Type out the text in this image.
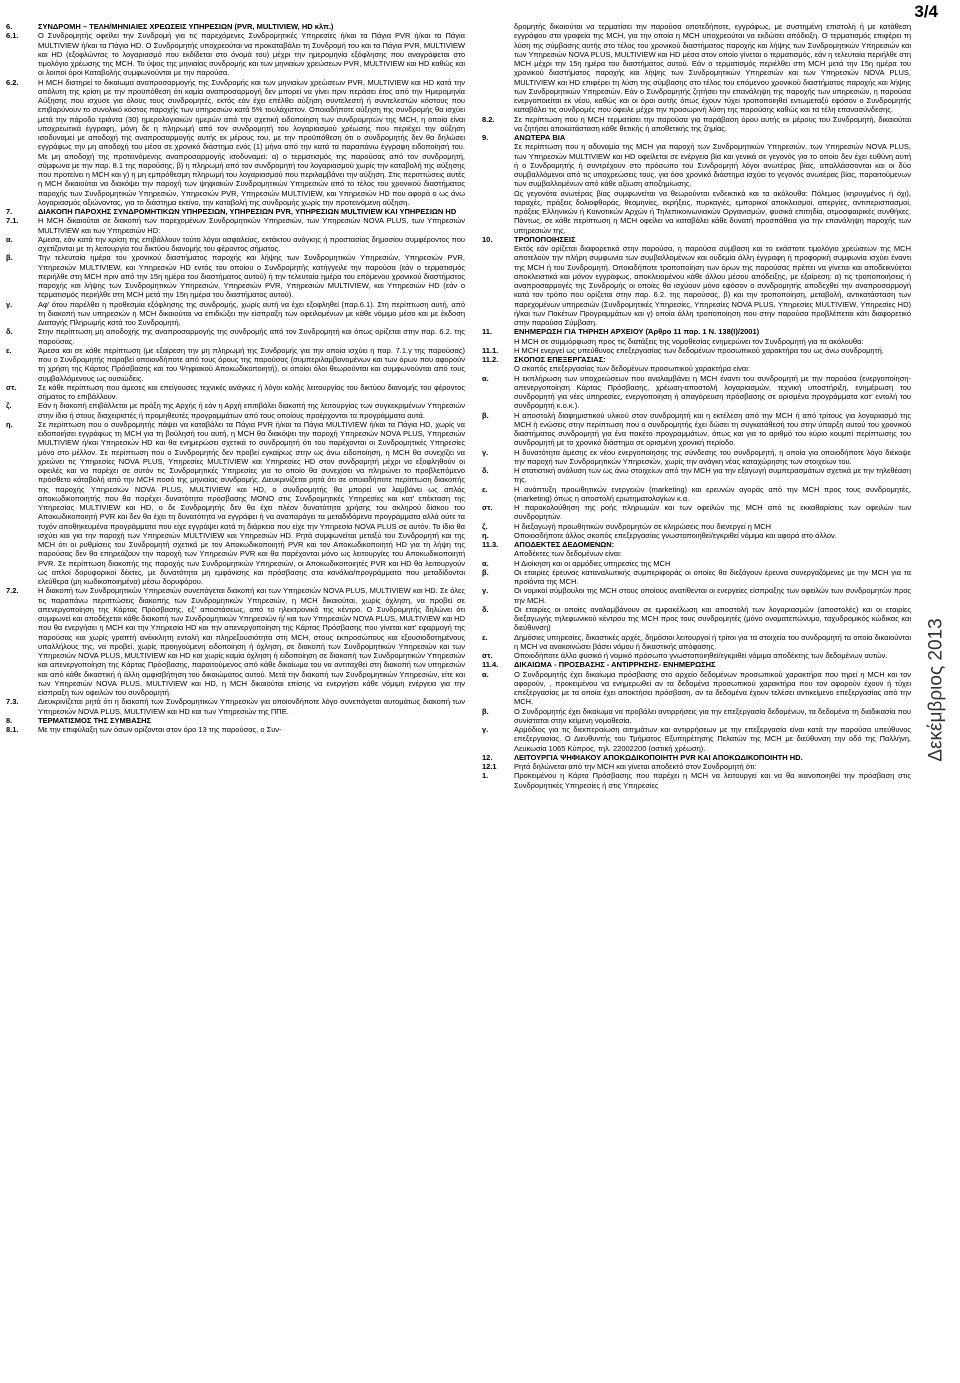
3/4
6.	ΣΥΝΔΡΟΜΗ – ΤΕΛΗ/ΜΗΝΙΑΙΕΣ ΧΡΕΩΣΕΙΣ ΥΠΗΡΕΣΙΩΝ (PVR, MULTIVIEW, HD κλπ.)
6.1.	Ο Συνδρομητής οφείλει την Συνδρομή για τις παρεχόμενες Συνδρομητικές Υπηρεσίες ή/και τα Πάγια PVR ή/και τα Πάγια MULTIVIEW ή/και τα Πάγια HD. Ο Συνδρομητής υποχρεούται να προκαταβάλει τη Συνδρομή του και τα Πάγια PVR, MULTIVIEW και HD (εξοφλώντας το λογαριασμό που εκδίδεται στο όνομά του) μέχρι την ημερομηνία εξόφλησης που αναγράφεται στο τιμολόγιο χρέωσης της MCH. Το ύψος της μηνιαίας συνδρομής και των μηνιαίων χρεώσεων PVR, MULTIVIEW και HD καθώς και οι λοιποί όροι Καταβολής συμφωνούνται με την παρούσα.
6.2.	Η MCH διατηρεί το δικαίωμα αναπροσαρμογής της Συνδρομής και των μηνιαίων χρεώσεων PVR, MULTIVIEW και HD κατά την απόλυτη της κρίση με την προϋπόθεση ότι καμία αναπροσαρμογή δεν μπορεί να γίνει πριν περάσει έτος από την Ημερομηνία Αύξησης που ισχυσε για όλους τους συνδρομητές, εκτός εάν έχει επέλθει αύξηση συντελεστή ή συντελεστών κόστους που επιβαρύνουν το συνολικό κόστος παροχής των υπηρεσιών κατά 5% τουλάχιστον. Οποιαδήποτε αύξηση της συνδρομής θα ισχύει μετά την πάροδο τριάντα (30) ημερολογιακών ημερών από την σχετική ειδοποίηση των συνδρομητών της MCH, η οποία είναι υποχρεωτικά έγγραφη, μόνη δε η πληρωμή από τον συνδρομητή του λογαριασμού χρέωσης που περιέχει την αύξηση ισοδυναμεί με αποδοχή της αναπροσαρμογής αυτής εκ μέρους του, με την προϋπόθεση ότι ο συνδρομητής δεν θα δηλώσει εγγράφως την μη αποδοχή του μέσα σε χρονικό διάστημα ενός (1) μήνα από την κατά τα παραπάνω έγγραφη ειδοποίησή του. Με μη αποδοχή της προτεινόμενης αναπροσαρμογής ισοδυναμεί: α) ο τερματισμός της παρούσας από τον συνδρομητή, σύμφωνα με την παρ. 8.1 της παρούσης, β) η πληρωμή από τον συνδρομητή του λογαριασμού χωρίς την καταβολή της αύξησης που προτείνει η MCH και γ) η μη εμπρόθεσμη πληρωμή του λογαριασμού που περιλαμβάνει την αύξηση. Στις περιπτώσεις αυτές η MCH δικαιούται να διακόψει την παροχή των ψηφιακών Συνδρομητικών Υπηρεσιών από το τέλος του χρονικού διαστήματος παροχής των Συνδρομητικών Υπηρεσιών, Υπηρεσιών PVR, Υπηρεσιών MULTIVIEW, και Υπηρεσιών HD που αφορά ο ως άνω λογαριασμός αξιώνοντας, για το διάστημα εκείνο, την καταβολή της συνδρομής χωρίς την προτεινόμενη αύξηση.
7.	ΔΙΑΚΟΠΗ ΠΑΡΟΧΗΣ ΣΥΝΔΡΟΜΗΤΙΚΩΝ ΥΠΗΡΕΣΙΩΝ, ΥΠΗΡΕΣΙΩΝ PVR, ΥΠΗΡΕΣΙΩΝ MULTIVIEW ΚΑΙ ΥΠΗΡΕΣΙΩΝ HD
7.1.	Η MCH δικαιούται σε διακοπή των παρεχομένων Συνδρομητικών Υπηρεσιών, των Υπηρεσιών NOVA PLUS, των Υπηρεσιών MULTIVIEW και των Υπηρεσιών HD:
α.	Άμεσα, εάν κατά την κρίση της επιβάλλουν τούτο λόγοι ασφαλείας, εκτάκτου ανάγκης ή προστασίας δημοσίου συμφέροντος που σχετίζονται με τη λειτουργία του δικτύου διανομής του φέροντος σήματος.
β.	Την τελευταία ημέρα του χρονικού διαστήματος παροχής και λήψης των Συνδρομητικών Υπηρεσιών, Υπηρεσιών PVR, Υπηρεσιών MULTIVIEW, και Υπηρεσιών HD εντός του οποίου ο Συνδρομητής κατήγγειλε την παρούσα (εάν ο τερματισμός περιήλθε στη MCH πριν από την 15η ημέρα του διαστήματος αυτού) ή την τελευταία ημέρα του επόμενου χρονικού διαστήματος παροχής και λήψης των Συνδρομητικών Υπηρεσιών, Υπηρεσιών PVR, Υπηρεσιών MULTIVIEW, και Υπηρεσιών HD (εάν ο τερματισμός περιήλθε στη MCH μετά την 15η ημέρα του διαστήματος αυτού).
γ.	Αφ' ότου παρέλθει η προθεσμία εξόφλησης της συνδρομής, χωρίς αυτή να έχει εξοφληθεί (παρ.6.1). Στη περίπτωση αυτή, από τη διακοπή των υπηρεσιών η MCH δικαιούται να επιδιώξει την είσπραξη των οφειλομένων με κάθε νόμιμο μέσο και με έκδοση Διαταγής Πληρωμής κατά του Συνδρομητή.
δ.	Στην περίπτωση μη αποδοχής της αναπροσαρμογής της συνδρομής από τον Συνδρομητή και όπως ορίζεται στην παρ. 6.2. της παρούσας.
ε.	Άμεσα και σε κάθε περίπτωση (με εξαίρεση την μη πληρωμή της Συνδρομής για την οποία ισχύει η παρ. 7.1.γ της παρούσας) που ο Συνδρομητής παραβεί οποιονδήποτε από τους όρους της παρούσας (συμπεριλαμβανομένων και των όρων που αφορούν τη χρήση της Κάρτας Πρόσβασης και του Ψηφιακού Αποκωδικοποιητή), οι οποίοι όλοι θεωρούνται και συμφωνούνται από τους συμβαλλόμενους ως ουσιώδεις.
στ.	Σε κάθε περίπτωση που άμεσες και επείγουσες τεχνικές ανάγκες ή λόγοι καλής λειτουργίας του δικτύου διανομής του φέροντος σήματος το επιβάλλουν.
ζ.	Εάν η διακοπή επιβάλλεται με πράξη της Αρχής ή εάν η Αρχή επιτιβάλει διακοπή της λειτουργίας των συγκεκριμένων Υπηρεσιών στην ίδια ή στους διαχειριστές ή προμηθευτές προγραμμάτων από τους οποίους προέρχονται τα προγράμματα αυτά.
η.	Σε περίπτωση που ο συνδρομητής πάψει να καταβάλει τα Πάγια PVR ή/και τα Πάγια MULTIVIEW ή/και τα Πάγια HD, χωρίς να ειδοποιήσει εγγράφως τη MCH για τη βούλησή του αυτή, η MCH θα διακόψει την παροχή Υπηρεσιών NOVA PLUS, Υπηρεσιών MULTIVIEW ή/και Υπηρεσιών HD και θα ενημερώσει σχετικά το συνδρομητή ότι του παρέχονται οι Συνδρομητικές Υπηρεσίες μόνο στο μέλλον. Σε περίπτωση που ο Συνδρομητής δεν προβεί εγκαίρως στην ως άνω ειδοποίηση, η MCH θα συνεχίζει να χρεώνει τις Υπηρεσίες NOVA PLUS, Υπηρεσίες MULTIVIEW και Υπηρεσίες HD στον συνδρομητή μέχρι να εξοφληθούν οι οφειλές και να παρέχει σε αυτόν τις Συνδρομητικές Υπηρεσίες για το οποίο θα συνεχίσει να πληρώνει το προβλεπόμενο πρόσθετο κάταβολή από την MCH ποσό της μηνιαίας συνδρομής. Διευκρινίζεται ρητά ότι σε οποιαδήποτε περίπτωση διακοπής της παροχής Υπηρεσιών NOVA PLUS, MULTIVIEW και HD, ο συνδρομητής θα μπορεί να λαμβάνει ως απλός αποκωδικοποιητής που θα παρέχει δυνατότητα πρόσβασης ΜΟΝΟ στις Συνδρομητικές Υπηρεσίες και κατ' επέκταση της Υπηρεσίας MULTIVIEW και HD, ο δε Συνδρομητής δεν θα έχει πλέον δυνατότητα χρήσης του σκληρού δίσκου του Αποκωδικοποιητή PVR και δεν θα έχει τη δυνατότητα να εγγράφει ή να αναπαράγει τα μεταδιδόμενα προγράμματα αλλά ούτε τα τυχόν αποθηκευμένα προγράμματα που είχε εγγράψει κατά τη διάρκεια που είχε την Υπηρεσία NOVA PLUS σε αυτόν. Το ίδιο θα ισχύει και για την παροχή των Υπηρεσιών MULTIVIEW και Υπηρεσιών HD. Ρητά συμφωνείται μεταξύ του Συνδρομητή και της MCH ότι οι ρυθμίσεις του Συνδρομητή σχετικά με τον Αποκωδικοποιητή PVR και τον Αποκωδικοποιητή HD για τη λήψη της παρούσας δεν θα επηρεάζουν την παροχή των Υπηρεσιών PVR και θα παρέχονται μόνο ως λειτουργίες του Αποκωδικοποιητή PVR. Σε περίπτωση διακοπής της παροχής των Συνδρομητικών Υπηρεσιών, οι Αποκωδικοποιητές PVR και HD θα λειτουργούν ως απλοί δορυφορικοί δέκτες, με δυνατότητα μη εμφάνισης και πρόσβασης στα κανάλια/προγράμματα που μεταδίδονται ελεύθερα (μη κωδικοποιημένα) μέσω δορυφόρου.
7.2.	Η διακοπή των Συνδρομητικών Υπηρεσιών συνεπάγεται διακοπή και των Υπηρεσιών NOVA PLUS, MULTIVIEW και HD. Σε όλες τις παραπάνω περιπτώσεις διακοπής των Συνδρομητικών Υπηρεσιών, η MCH δικαιούται, χωρίς όχληση, να προβεί σε απενεργοποίηση της Κάρτας Πρόσβασης, εξ' αποστάσεως, από το ηλεκτρονικό της κέντρο. Ο Συνδρομητής δηλώνει ότι συμφωνεί και αποδέχεται κάθε διακοπή των Συνδρομητικών Υπηρεσιών ή/ και των Υπηρεσιών NOVA PLUS, MULTIVIEW και HD που θα ενεργήσει η MCH και την Υπηρεσία HD και την απενεργοποίηση της Κάρτας Πρόσβασης που γίνεται κατ' εφαρμογή της παρούσας και χωρίς γραπτή ανέκκλητη εντολή και πληρεξουσιότητα στη MCH, στους εκπροσώπους και εξουσιοδοτημένους υπαλλήλους της, να προβεί, χωρίς προηγούμενη ειδοποίηση ή όχληση, σε διακοπή των Συνδρομητικών Υπηρεσιών και των Υπηρεσιών NOVA PLUS, MULTIVIEW και HD και χωρίς καμία όχληση ή ειδοποίηση σε διακοπή των Συνδρομητικών Υπηρεσιών και απενεργοποίηση της Κάρτας Πρόσβασης, παραιτούμενος από κάθε δικαίωμα του να αντιταχθεί στη διακοπή των υπηρεσιών και από κάθε δικαστική ή άλλη αμφισβήτηση του δικαιώματος αυτού. Μετά την διακοπή των Συνδρομητικών Υπηρεσιών, είτε και των Υπηρεσιών NOVA PLUS, MULTIVIEW και HD, η MCH δικαιούται επίσης να ενεργήσει κάθε νόμιμη ενέργεια για την είσπραξη των οφειλών του συνδρομητή.
7.3.	Διευκρινίζεται ρητά ότι η διακοπή των Συνδρομητικών Υπηρεσιών για οποιονδήποτε λόγο συνεπάγεται αυτομάτως διακοπή των Υπηρεσιών NOVA PLUS, MULTIVIEW και HD και των Υπηρεσιών της ΠΠΕ.
8.	ΤΕΡΜΑΤΙΣΜΟΣ ΤΗΣ ΣΥΜΒΑΣΗΣ
8.1.	Με την επιφύλαξη των όσων ορίζονται στον όρο 13 της παρούσας, ο Συν-
δρομητής δικαιούται να τερματίσει την παρούσα οποτεδήποτε, εγγράφως, με συστημένη επιστολή ή με κατάθεση εγγράφου στα γραφεία της MCH, για την οποία η MCH υποχρεούται να εκδώσει απόδειξη. Ο τερματισμός επιφέρει τη λύση της σύμβασης αυτής στο τέλος του χρονικού διαστήματος παροχής και λήψης των Συνδρομητικών Υπηρεσιών και των Υπηρεσιών NOVA PLUS, MULTIVIEW και HD μέσα στον οποίο γίνεται ο τερματισμός, εάν η τελευταία περιήλθε στη MCH μέχρι την 15η ημέρα του διαστήματος αυτού. Εάν ο τερματισμός περιέλθει στη MCH μετά την 15η ημέρα του χρονικού διαστήματος παροχής και λήψης των Συνδρομητικών Υπηρεσιών και των Υπηρεσιών NOVA PLUS, MULTIVIEW και HD επιφέρει τη λύση της σύμβασης στο τέλος του επόμενου χρονικού διαστήματος παροχής και λήψης των Συνδρομητικών Υπηρεσιών. Εάν ο Συνδρομητής ζητήσει την επανάληψη της παροχής των υπηρεσιών, η παρούσα ενεργοποιείται εκ νέου, καθώς και οι όροι αυτής όπως έχουν τύχει τροποποιηθεί εντωμεταξύ εφόσον ο Συνδρομητής καταβάλει τις συνδρομές που όφειλε μέχρι την προσωρινή λύση της παρούσης καθώς και τα τέλη επανασύνδεσης.
8.2.	Σε περίπτωση που η MCH τερματίσει την παρούσα για παράβαση όρου αυτής εκ μέρους του Συνδρομητή, δικαιούται να ζητήσει αποκατάσταση κάθε θετικής ή αποθετικής της ζημίας.
9.	ΑΝΩΤΕΡΑ ΒΙΑ
Σε περίπτωση που η αδυναμία της MCH για παροχή των Συνδρομητικών Υπηρεσιών, των Υπηρεσιών NOVA PLUS, των Υπηρεσιών MULTIVIEW και HD οφείλεται σε ενέργεια βία και γενικά σε γεγονός για το οποίο δεν έχει ευθύνη αυτή ή ο Συνδρομητής ή συντρέχουν στο πρόσωπο του Συνδρομητή λόγοι ανωτέρας βίας, απαλλάσσονται και οι δύο συμβαλλόμενοι από τις υποχρεώσεις τους, για όσο χρονικό διάστημα ισχύει το γεγονός ανωτέρας βίας, παραιτούμενων των συμβαλλομένων από κάθε αξίωση αποζημίωσης.
Ως γεγονότα ανωτέρας βίας συμφωνείται να θεωρούνται ενδεικτικά και τα ακόλουθα: Πόλεμος (κηρυγμένος ή όχι), ταραχές, πράξεις δολιοφθοράς, θεομηνίες, εκρήξεις, πυρκαγιές, εμπορικοί αποκλεισμοί, απεργίες, αντιπερισπασμοί, πράξεις Ελληνικών ή Κοινοτικών Αρχών ή Τηλεπικοινωνιακών Οργανισμών, φυσικά επιτηδία, ατμοσφαιρικές συνθήκες. Πάντως, σε κάθε περίπτωση η MCH οφείλει να καταβάλει κάθε δυνατή προσπάθεια για την επανάληψη παροχής των υπηρεσιών της.
10.	ΤΡΟΠΟΠΟΙΗΣΕΙΣ
Εκτός εάν ορίζεται διαφορετικά στην παρούσα, η παρούσα σύμβαση και το εκάστοτε τιμολόγιο χρεώσεων της MCH αποτελούν την πλήρη συμφωνία των συμβαλλομένων και ουδεμία άλλη έγγραφη ή προφορική συμφωνία ισχύει έναντι της MCH ή του Συνδρομητή. Οποιαδήποτε τροποποίηση των όρων της παρούσας πρέπει να γίνεται και αποδεικνύεται αποκλειστικά και μόνον εγγράφως, αποκλειομένου κάθε άλλου μέσου απόδειξης, με εξαίρεση: α) τις τροποποιήσεις ή αναπροσαρμογές της Συνδρομής οι οποίες θα ισχύουν μόνο εφόσον ο συνδρομητής αποδεχθεί την αναπροσαρμογή κατά τον τρόπο που ορίζεται στην παρ. 6.2. της παρούσας, β) και την τροποποίηση, μεταβολή, αντικατάσταση των παρεχομένων υπηρεσιών (Συνδρομητικές Υπηρεσίες, Υπηρεσίες NOVA PLUS, Υπηρεσίες MULTIVIEW, Υπηρεσίες HD) ή/και των Πακέτων Προγραμμάτων και γ) οποία άλλη τροποποίηση που στην παρούσα προβλέπεται κάτι διαφορετικό στην παρούσα Σύμβαση.
11.	ΕΝΗΜΕΡΩΣΗ ΓΙΑ ΤΗΡΗΣΗ ΑΡΧΕΙΟΥ (Άρθρο 11 παρ. 1 Ν. 138(I)/2001)
Η MCH σε συμμόρφωση προς τις διατάξεις της νομοθεσίας ενημερώνει τον Συνδρομητή για τα ακόλουθα:
11.1.	Η MCH ενεργεί ως υπεύθυνος επεξεργασίας των δεδομένων προσωπικού χαρακτήρα του ως άνω συνδρομητή.
11.2.	ΣΚΟΠΟΣ ΕΠΕΞΕΡΓΑΣΙΑΣ:
Ο σκοπός επεξεργασίας των δεδομένων προσωπικού χαρακτήρα είναι:
α.	Η εκπλήρωση των υποχρεώσεων που αναλαμβάνει η MCH έναντι του συνδρομητή με την παρούσα (ενεργοποίηση-απενεργοποίηση Κάρτας Πρόσβασης, χρέωση-αποστολή λογαριασμών, τεχνική υποστήριξη, ενημέρωση του συνδρομητή για νέες υπηρεσίες, ενεργοποίηση ή απαγόρευση πρόσβασης σε ορισμένα προγράμματα κατ' εντολή του συνδρομητή κ.ο.κ.).
β.	Η αποστολή διαφημιστικού υλικού στον συνδρομητή και η εκτέλεση από την MCH ή από τρίτους για λογαριασμό της MCH ή ενώσεις στην περίπτωση που ο συνδρομητής έχει δώσει τη συγκατάθεσή του στην ύπαρξη αυτού του χρονικού διαστήματος συνδρομητή για ένα πακέτο προγραμμάτων, όπως και για το αριθμό του κύριο κουμπί περίπτωσης του συνδρομητή με το χρονικό διάστημα σε ορισμένη χρονική περίοδο.
γ.	Η δυνατότητα άμεσης εκ νέου ενεργοποίησης της σύνδεσης του συνδρομητή, η οποία για οποιοδήποτε λόγο διέκοψε την παροχή των Συνδρομητικών Υπηρεσιών, χωρίς την ανάγκη νέας καταχώρησης των στοιχείων του.
δ.	Η στατιστική ανάλυση των ως άνω στοιχείων από την MCH για την εξαγωγή συμπερασμάτων σχετικά με την τηλεθέαση της.
ε.	Η ανάπτυξη προωθητικών ενεργειών (marketing) και ερευνών αγοράς από την MCH προς τους συνδρομητές, (marketing) όπως η αποστολή ερωτηματολογίων κ.α.
στ.	Η παρακολούθηση της ροής πληρωμών και των οφειλών της MCH από τις εκκαθαρίσεις των οφειλών των συνδρομητών.
ζ.	Η διεξαγωγή προωθητικών συνδρομητών σε κληρώσεις που διενεργεί η MCH
η.	Οποιοσδήποτε άλλος σκοπός επεξεργασίας γνωστοποιηθεί/εγκριθεί νόμιμα και αφορά στο άλλον.
11.3.	ΑΠΟΔΕΚΤΕΣ ΔΕΔΟΜΕΝΩΝ:
Αποδέκτες των δεδομένων είναι:
α.	Η Διοίκηση και οι αρμόδιες υπηρεσίες της MCH
β.	Οι εταιρίες έρευνας καταναλωτικής συμπεριφοράς οι οποίες θα διεξάγουν έρευνα συνεργαζόμενες με την MCH για τα προϊόντα της MCH.
γ.	Οι νομικοί σύμβουλοι της MCH στους οποίους ανατίθενται οι ενεργείες είσπραξης των οφειλών των συνδρομητών προς την MCH.
δ.	Οι εταιρίες οι οποίες αναλαμβάνουν σε εμφακέλωση και αποστολή των λογαριασμών (αποστολές) και οι εταιρίες διεξαγωγής τηλεφωνικού κέντρου της MCH προς τους συνδρομητές (μόνο ονοματεπώνυμο, ταχυδρομικός κώδικας και διεύθυνση)
ε.	Δημόσιες υπηρεσίες, δικαστικές αρχές, δημόσιοι λειτουργοί ή τρίτοι για τα στοιχεία του συνδρομητή τα οποία δικαιούνται η MCH να ανακοινώσει βάσει νόμου ή δικαστικής απόφασης.
στ.	Οποιοδήποτε άλλο φυσικό ή νομικό πρόσωπο γνωστοποιηθεί/εγκριθεί νόμιμα αποδέκτης των δεδομένων αυτών.
11.4.	ΔΙΚΑΙΩΜΑ - ΠΡΟΣΒΑΣΗΣ - ΑΝΤΙΡΡΗΣΗΣ- ΕΝΗΜΕΡΩΣΗΣ
α.	Ο Συνδρομητής έχει δικαίωμα πρόσβασης στο αρχείο δεδομένων προσωπικού χαρακτήρα που τηρεί η MCH και τον αφορούν, , προκειμένου να ενημερωθεί αν τα δεδομένα προσωπικού χαρακτήρα που τον αφορούν έχουν ή τύχει επεξεργασίας με τα οποία έχει αποκτήσει πρόσβαση, αν τα δεδομένα έχουν τελέσει αντικείμενο επεξεργασίας από την MCH.
β.	Ο Συνδρομητής έχει δικαίωμα να προβάλει αντιρρήσεις για την επεξεργασία δεδομένων, τα δεδομένα τη διαδικασία που συνίσταται στην κείμενη νομοθεσία.
γ.	Αρμόδιος για τις διεκπεραίωση αιτημάτων και αντιρρήσεων με την επεξεργασία είναι κατά την παρούσα υπεύθυνος επεξεργασίας. Ο Διευθυντής του Τμήματος Εξυπηρέτησης Πελατών της MCH με διεύθυνση την οδό της Παλλήνη, Λευκωσία 1065 Κύπρος, τηλ. 22002200 (αστική χρέωση).
12.	ΛΕΙΤΟΥΡΓΙΑ ΨΗΦΙΑΚΟΥ ΑΠΟΚΩΔΙΚΟΠΟΙΗΤΗ PVR ΚΑΙ ΑΠΟΚΩΔΙΚΟΠΟΙΗΤΗ HD.
12.1	Ρητά δηλώνεται από την MCH και γίνεται αποδεκτό στον Συνδρομητή ότι:
1.	Προκειμένου η Κάρτα Πρόσβασης που παρέχει η MCH να λειτουργεί και να θα ικανοποιηθεί την πρόσβαση στις Συνδρομητικές Υπηρεσίες ή στις Υπηρεσίες
Δεκέμβριος 2013
